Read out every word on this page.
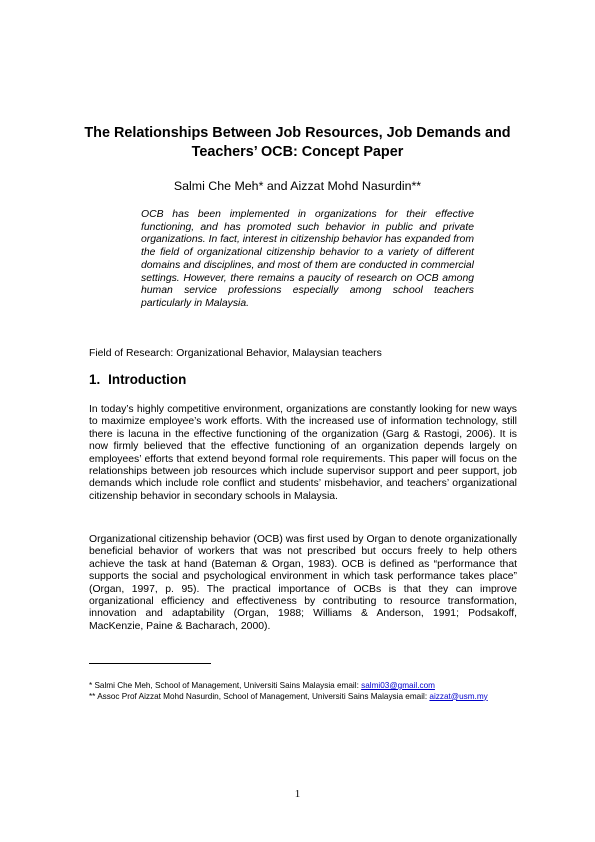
The Relationships Between Job Resources, Job Demands and Teachers’ OCB: Concept Paper
Salmi Che Meh* and Aizzat Mohd Nasurdin**
OCB has been implemented in organizations for their effective functioning, and has promoted such behavior in public and private organizations. In fact, interest in citizenship behavior has expanded from the field of organizational citizenship behavior to a variety of different domains and disciplines, and most of them are conducted in commercial settings. However, there remains a paucity of research on OCB among human service professions especially among school teachers particularly in Malaysia.
Field of Research: Organizational Behavior, Malaysian teachers
1. Introduction

In today’s highly competitive environment, organizations are constantly looking for new ways to maximize employee’s work efforts. With the increased use of information technology, still there is lacuna in the effective functioning of the organization (Garg & Rastogi, 2006). It is now firmly believed that the effective functioning of an organization depends largely on employees’ efforts that extend beyond formal role requirements. This paper will focus on the relationships between job resources which include supervisor support and peer support, job demands which include role conflict and students’ misbehavior, and teachers’ organizational citizenship behavior in secondary schools in Malaysia.

Organizational citizenship behavior (OCB) was first used by Organ to denote organizationally beneficial behavior of workers that was not prescribed but occurs freely to help others achieve the task at hand (Bateman & Organ, 1983). OCB is defined as “performance that supports the social and psychological environment in which task performance takes place” (Organ, 1997, p. 95). The practical importance of OCBs is that they can improve organizational efficiency and effectiveness by contributing to resource transformation, innovation and adaptability (Organ, 1988; Williams & Anderson, 1991; Podsakoff, MacKenzie, Paine & Bacharach, 2000).

* Salmi Che Meh, School of Management, Universiti Sains Malaysia email: salmi03@gmail.com
** Assoc Prof Aizzat Mohd Nasurdin, School of Management, Universiti Sains Malaysia email: aizzat@usm.my
1
